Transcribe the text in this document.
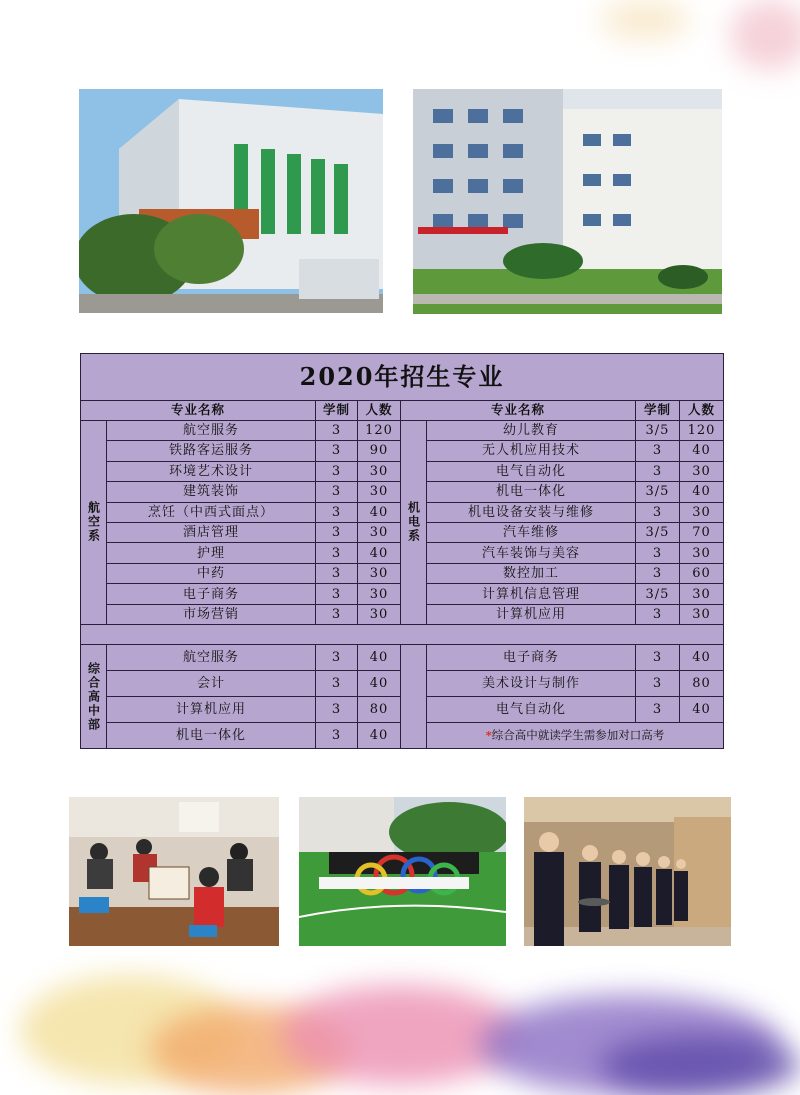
2020年招生专业							
专业名称		学制	人数	专业名称		学制	人数
航空系	航空服务	3	120	机电系	幼儿教育	3/5	120
	铁路客运服务	3	90		无人机应用技术	3	40
	环境艺术设计	3	30		电气自动化	3	30
	建筑装饰	3	30		机电一体化	3/5	40
	烹饪（中西式面点）	3	40		机电设备安装与维修	3	30
	酒店管理	3	30		汽车维修	3/5	70
	护理	3	40		汽车装饰与美容	3	30
	中药	3	30		数控加工	3	60
	电子商务	3	30		计算机信息管理	3/5	30
	市场营销	3	30		计算机应用	3	30

综合高中部	航空服务	3	40		电子商务	3	40
	会计	3	40		美术设计与制作	3	80
	计算机应用	3	80		电气自动化	3	40
	机电一体化	3	40		*综合高中就读学生需参加对口高考		
